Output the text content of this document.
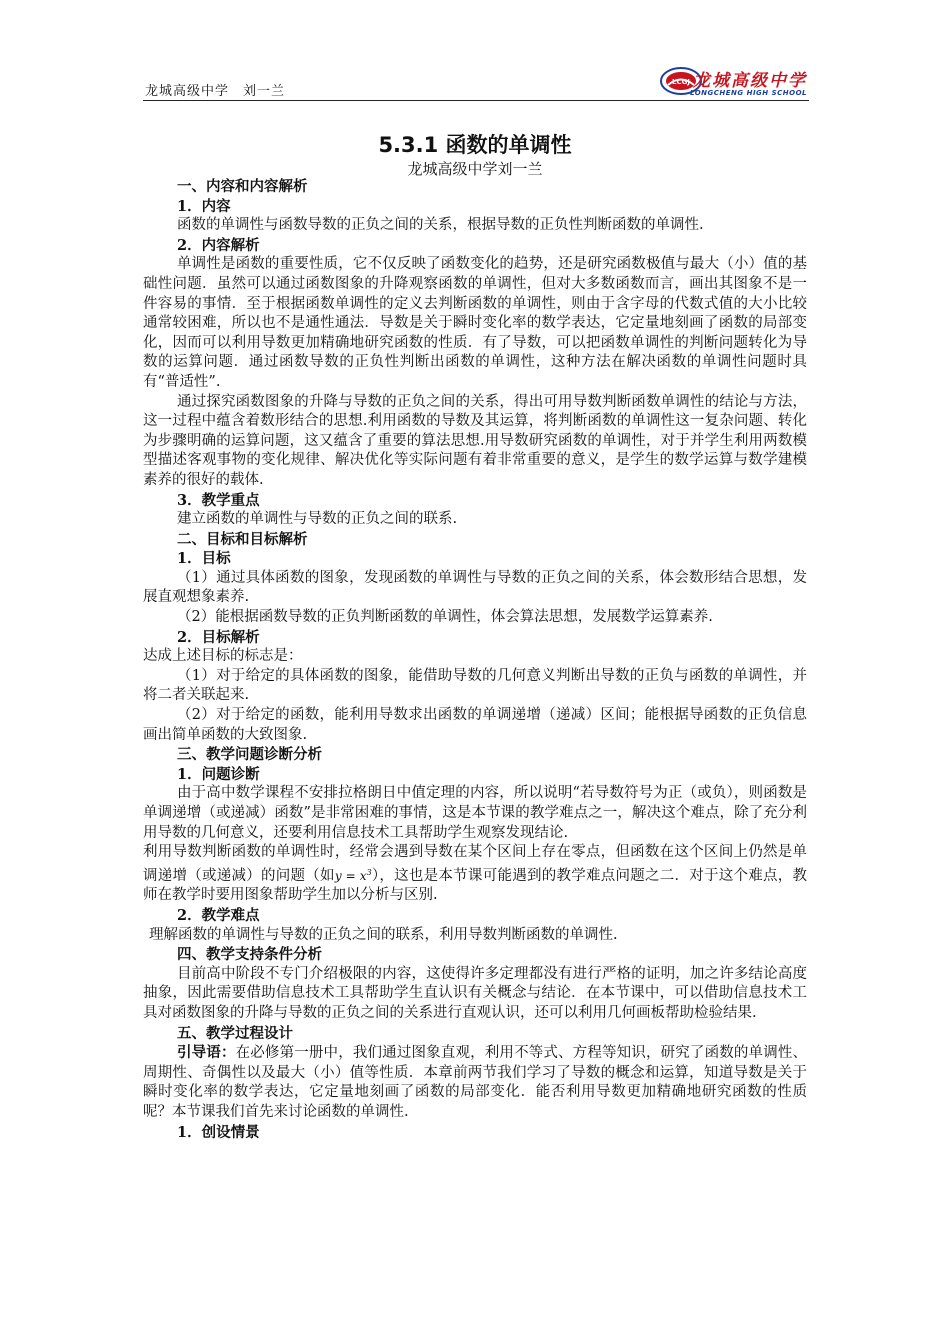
龙城高级中学　刘一兰
LCGJ 龙城高级中学
LONGCHENG HIGH SCHOOL
5.3.1 函数的单调性
龙城高级中学刘一兰

一、内容和内容解析

1．内容

函数的单调性与函数导数的正负之间的关系，根据导数的正负性判断函数的单调性.

2．内容解析

单调性是函数的重要性质，它不仅反映了函数变化的趋势，还是研究函数极值与最大（小）值的基础性问题．虽然可以通过函数图象的升降观察函数的单调性，但对大多数函数而言，画出其图象不是一件容易的事情．至于根据函数单调性的定义去判断函数的单调性，则由于含字母的代数式值的大小比较通常较困难，所以也不是通性通法．导数是关于瞬时变化率的数学表达，它定量地刻画了函数的局部变化，因而可以利用导数更加精确地研究函数的性质．有了导数，可以把函数单调性的判断问题转化为导数的运算问题．通过函数导数的正负性判断出函数的单调性，这种方法在解决函数的单调性问题时具有“普适性”.

通过探究函数图象的升降与导数的正负之间的关系，得出可用导数判断函数单调性的结论与方法，这一过程中蕴含着数形结合的思想.利用函数的导数及其运算，将判断函数的单调性这一复杂问题、转化为步骤明确的运算问题，这又蕴含了重要的算法思想.用导数研究函数的单调性，对于并学生利用两数模型描述客观事物的变化规律、解决优化等实际问题有着非常重要的意义，是学生的数学运算与数学建模素养的很好的载体.

3．教学重点

建立函数的单调性与导数的正负之间的联系.

二、目标和目标解析

1．目标

（1）通过具体函数的图象，发现函数的单调性与导数的正负之间的关系，体会数形结合思想，发展直观想象素养.

（2）能根据函数导数的正负判断函数的单调性，体会算法思想，发展数学运算素养.

2．目标解析

达成上述目标的标志是：

（1）对于给定的具体函数的图象，能借助导数的几何意义判断出导数的正负与函数的单调性，并将二者关联起来.

（2）对于给定的函数，能利用导数求出函数的单调递增（递减）区间；能根据导函数的正负信息画出简单函数的大致图象.

三、教学问题诊断分析

1．问题诊断

由于高中数学课程不安排拉格朗日中值定理的内容，所以说明“若导数符号为正（或负），则函数是单调递增（或递减）函数”是非常困难的事情，这是本节课的教学难点之一，解决这个难点，除了充分利用导数的几何意义，还要利用信息技术工具帮助学生观察发现结论.

利用导数判断函数的单调性时，经常会遇到导数在某个区间上存在零点，但函数在这个区间上仍然是单调递增（或递减）的问题（如$y = x^3$），这也是本节课可能遇到的教学难点问题之二．对于这个难点，教师在教学时要用图象帮助学生加以分析与区别.

2．教学难点

理解函数的单调性与导数的正负之间的联系，利用导数判断函数的单调性.

四、教学支持条件分析

目前高中阶段不专门介绍极限的内容，这使得许多定理都没有进行严格的证明，加之许多结论高度抽象，因此需要借助信息技术工具帮助学生直认识有关概念与结论．在本节课中，可以借助信息技术工具对函数图象的升降与导数的正负之间的关系进行直观认识，还可以利用几何画板帮助检验结果.

五、教学过程设计

引导语：在必修第一册中，我们通过图象直观，利用不等式、方程等知识，研究了函数的单调性、周期性、奇偶性以及最大（小）值等性质．本章前两节我们学习了导数的概念和运算，知道导数是关于瞬时变化率的数学表达，它定量地刻画了函数的局部变化．能否利用导数更加精确地研究函数的性质呢？本节课我们首先来讨论函数的单调性.

1．创设情景
